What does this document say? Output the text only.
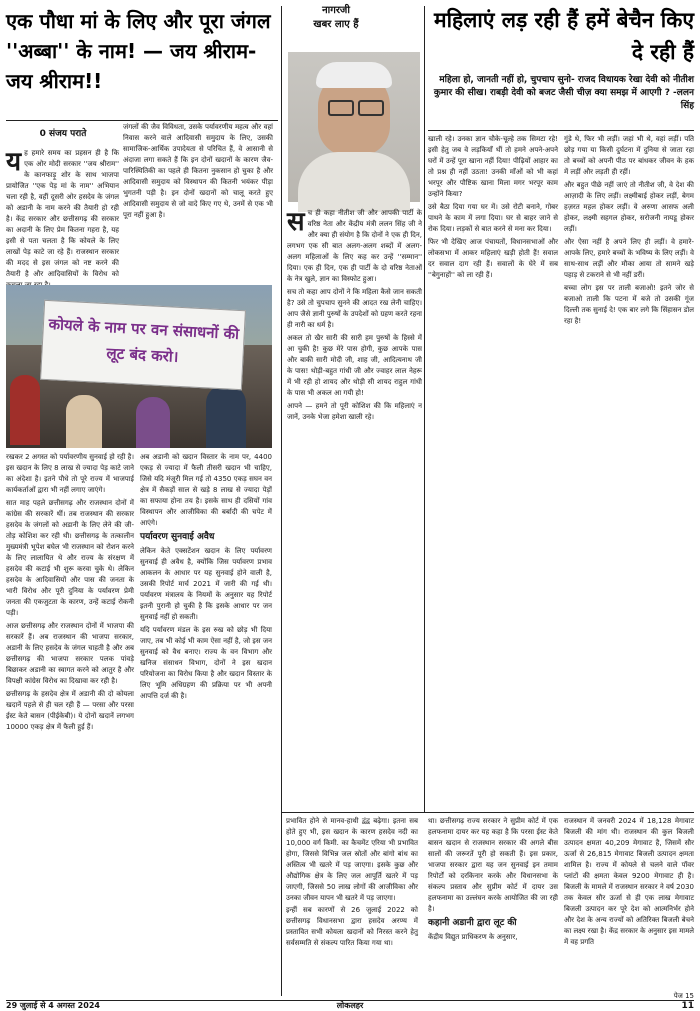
एक पौधा मां के लिए और पूरा जंगल ''अब्बा'' के नाम! — जय श्रीराम-जय श्रीराम!!
0 संजय पराते
य ह हमारे समय का प्रहसन ही है कि एक ओर मोदी सरकार ''जय श्रीराम'' के कानफाड़ू शोर के साथ भाजपा प्रायोजित ''एक पेड़ मां के नाम'' अभियान चला रही है, वहीं दूसरी ओर हसदेव के जंगल को अडानी के नाम करने की तैयारी हो रही है। केंद्र सरकार और छत्तीसगढ़ की सरकार का अदानी के लिए प्रेम कितना गहरा है, यह इसी से पता चलता है कि कोयले के लिए लाखों पेड़ काटे जा रहे हैं। राजस्थान सरकार की मदद से इस जंगल को नष्ट करने की तैयारी है और आदिवासियों के विरोध को
कोयले के नाम पर वन संसाधनों की लूट बंद करो।

रखकर 2 अगस्त को पर्यावरणीय सुनवाई हो रही है। इस खदान के लिए 8 लाख से ज्यादा पेड़ काटे जाने का अंदेशा है। इतने पौधे तो पूरे राज्य में भाजपाई कार्यकर्ताओं द्वारा भी नहीं लगाए जाएंगे।

सात माह पहले छत्तीसगढ़ और राजस्थान दोनों में कांग्रेस की सरकारें थीं। तब राजस्थान की सरकार हसदेव के जंगलों को अडानी के लिए लेने की जी-तोड़ कोशिश कर रही थी। छत्तीसगढ़ के तत्कालीन मुख्यमंत्री भूपेश बघेल भी राजस्थान को रोशन करने के लिए लालायित थे और राज्य के संरक्षण में हसदेव की कटाई भी शुरू करवा चुके थे। लेकिन हसदेव के आदिवासियों और पास की जनता के भारी विरोध और पूरी दुनिया के पर्यावरण प्रेमी जनता की एकजुटता के कारण, उन्हें कटाई रोकनी पड़ी।

आज छत्तीसगढ़ और राजस्थान दोनों में भाजपा की सरकारें हैं। अब राजस्थान की भाजपा सरकार, अडानी के लिए हसदेव के जंगल चाहती है और अब छत्तीसगढ़ की भाजपा सरकार पलक पांवड़े बिछाकर अडानी का स्वागत करने को आतुर है और विपक्षी कांग्रेस विरोध का दिखावा कर रही है।

छत्तीसगढ़ के हसदेव क्षेत्र में अडानी की दो कोयला खदानें पहले से ही चल रही हैं — परसा और परसा ईस्ट केते बासन (पीईकेबी)। ये दोनों खदानें लगभग 10000 एकड़ क्षेत्र में फैली हुई हैं।

जंगलों की जैव विविधता, उसके पर्यावरणीय महत्व और वहां निवास करने वाले आदिवासी समुदाय के लिए, उसकी सामाजिक-आर्थिक उपादेयता से परिचित हैं, वे आसानी से अंदाजा लगा सकते हैं कि इन दोनों खदानों के कारण जैव-पारिस्थितिकी का पहले ही कितना नुकसान हो चुका है और आदिवासी समुदाय को विस्थापन की कितनी भयंकर पीड़ा भुगतनी पड़ी है। इन दोनों खदानों को चालू करते हुए आदिवासी समुदाय से जो वादे किए गए थे, उनमें से एक भी पूरा नहीं हुआ है।

अब अडानी को खदान विस्तार के नाम पर, 4400 एकड़ से ज्यादा में फैली तीसरी खदान भी चाहिए, जिसे यदि मंजूरी मिल गई तो 4350 एकड़ सघन वन क्षेत्र में सैकड़ों साल से खड़े 8 लाख से ज्यादा पेड़ों का सफाया होना तय है। इसके साथ ही दसियों गांव विस्थापन और आजीविका की बर्बादी की चपेट में आएंगे।

पर्यावरण सुनवाई अवैध

लेकिन केते एक्सटेंशन खदान के लिए पर्यावरण सुनवाई ही अवैध है, क्योंकि जिस पर्यावरण प्रभाव आकलन के आधार पर यह सुनवाई होने वाली है, उसकी रिपोर्ट मार्च 2021 में जारी की गई थी। पर्यावरण मंत्रालय के नियमों के अनुसार यह रिपोर्ट इतनी पुरानी हो चुकी है कि इसके आधार पर जन सुनवाई नहीं हो सकती।

यदि पर्यावरण मंडल के इस रुख को छोड़ भी दिया जाए, तब भी कोई भी काम ऐसा नहीं है, जो इस जन सुनवाई को वैध बनाए। राज्य के वन विभाग और खनिज संसाधन विभाग, दोनों ने इस खदान परियोजना का विरोध किया है और खदान विस्तार के लिए भूमि अधिग्रहण की प्रक्रिया पर भी अपनी आपत्ति दर्ज की है।

नागरजी
खबर लाए हैं
स च ही कहा नीतीश जी और आपकी पार्टी के वरिष्ठ नेता और केंद्रीय मंत्री ललन सिंह जी ने और क्या ही संयोग है कि दोनों ने एक ही दिन, लगभग एक सी बात अलग-अलग शब्दों में अलग-अलग महिलाओं के लिए कह कर उन्हें ''सम्मान'' दिया। एक ही दिन, एक ही पार्टी के दो वरिष्ठ नेताओं के नेत्र खुले, ज्ञान का विस्फोट हुआ।

सच तो कहा आप दोनों ने कि महिला कैसे जान सकती है? उसे तो चुपचाप सुनने की आदत रख लेनी चाहिए। आप जैसे ज्ञानी पुरुषों के उपदेशों को ग्रहण करते रहना ही नारी का धर्म है।

अकल तो खैर सारी की सारी हम पुरुषों के हिस्से में आ चुकी है! कुछ मेरे पास होगी, कुछ आपके पास और बाकी सारी मोदी जी, शाह जी, आदित्यनाथ जी के पास! थोड़ी-बहुत गांधी जी और ज्वाहर लाल नेहरू में भी रही हो शायद और थोड़ी सी शायद राहुल गांधी के पास भी अकल आ गयी हो!

आपने — हमने तो पूरी कोशिश की कि महिलाएं न जानें, उनके भेजा हमेशा खाली रहे।

महिलाएं लड़ रही हैं हमें बेचैन किए दे रही हैं
महिला हो, जानती नहीं हो, चुपचाप सुनो- राजद विधायक रेखा देवी को नीतीश कुमार की सीख। राबड़ी देवी को बजट जैसी चीज़ क्या समझ में आएगी ? -ललन सिंह

खाली रहे। उनका ज्ञान चौके-चूल्हे तक सिमटा रहे! इसी हेतु जब वे लड़कियाँ थीं तो हमने अपने-अपने घरों में उन्हें पूरा खाना नहीं दिया! पीढ़ियों आहार का तो प्रश्न ही नहीं उठता! उनकी माँओं को भी कहां भरपूर और पौष्टिक खाना मिला मगर भरपूर काम उन्होंने किया?

उसे बैठा दिया गया घर में। उसे रोटी बनाने, गोबर पाथने के काम में लगा दिया। घर से बाहर जाने से रोक दिया। लड़कों से बात करने से मना कर दिया।

फिर भी देखिए आज पंचायतों, विधानसभाओं और लोकसभा में आकर महिलाएं खड़ी होती हैं! सवाल दर सवाल दाग रही हैं। सवालों के घेरे में सब ''बेगुनाहों'' को ला रही हैं।

गुंडे थे, फिर भी लड़ीं। जहां भी थे, वहां लड़ीं। पति छोड़ गया या किसी दुर्घटना में दुनिया से जाता रहा तो बच्चों को अपनी पीठ पर बांधकर जीवन के हक में लड़ीं और लड़ती ही रहीं।

और बहुत पीछे नहीं जाएं तो नीतीश जी, वे देश की आज़ादी के लिए लड़ीं। लक्ष्मीबाई होकर लड़ीं, बेगम हज़रत महल होकर लड़ीं। वे अरुणा आसफ अली होकर, लक्ष्मी सहगल होकर, सरोजनी नायडू होकर लड़ीं।

और ऐसा नहीं है अपने लिए ही लड़ीं। वे हमारे-आपके लिए, हमारे बच्चों के भविष्य के लिए लड़ीं। वे साथ-साथ लड़ीं और मौका आया तो सामने खड़े पहाड़ से टकराने से भी नहीं डरीं।

बच्चा लोग इस पर ताली बजाओ! इतने जोर से बजाओ ताली कि पटना में बजे तो उसकी गूंज दिल्ली तक सुनाई दे! एक बार लगे कि सिंहासन डोल रहा है!

प्रभावित होने से मानव-हाथी द्वंद्व बढ़ेगा। इतना सब होते हुए भी, इस खदान के कारण हसदेव नदी का 10,000 वर्ग किमी. का कैचमेंट एरिया भी प्रभावित होगा, जिससे विभिन्न जल स्रोतों और बांगो बांध का अस्तित्व भी खतरे में पड़ जाएगा। इसके कुछ और औद्योगिक क्षेत्र के लिए जल आपूर्ति खतरे में पड़ जाएगी, जिससे 50 लाख लोगों की आजीविका और उनका जीवन यापन भी खतरे में पड़ जाएगा।

इन्हीं सब कारणों से 26 जुलाई 2022 को छत्तीसगढ़ विधानसभा द्वारा हसदेव अरण्य में प्रस्तावित सभी कोयला खदानों को निरस्त करने हेतु सर्वसम्मति से संकल्प पारित किया गया था।

था। छत्तीसगढ़ राज्य सरकार ने सुप्रीम कोर्ट में एक हलफनामा दायर कर यह कहा है कि परसा ईस्ट केते बासन खदान से राजस्थान सरकार की अगले बीस सालों की जरूरतें पूरी हो सकती हैं। इस प्रकार, भाजपा सरकार द्वारा यह जन सुनवाई इन तमाम रिपोर्टों को दरकिनार करके और विधानसभा के संकल्प प्रस्ताव और सुप्रीम कोर्ट में दायर उस हलफनामा का उल्लंघन करके आयोजित की जा रही है।

कहानी अडानी द्वारा लूट की

केंद्रीय विद्युत प्राधिकरण के अनुसार,

राजस्थान में जनवरी 2024 में 18,128 मेगावाट बिजली की मांग थी। राजस्थान की कुल बिजली उत्पादन क्षमता 40,209 मेगावाट है, जिसमें सौर ऊर्जा से 26,815 मेगावाट बिजली उत्पादन क्षमता शामिल है। राज्य में कोयले से चलने वाले पॉवर प्लांटों की क्षमता केवल 9200 मेगावाट ही है। बिजली के मामले में राजस्थान सरकार ने वर्ष 2030 तक केवल सौर ऊर्जा से ही एक लाख मेगावाट बिजली उत्पादन कर पूरे देश को आत्मनिर्भर होने और देश के अन्य राज्यों को अतिरिक्त बिजली बेचने का लक्ष्य रखा है। केंद्र सरकार के अनुसार इस मामले में वह प्रगति

पेज 15
29 जुलाई से 4 अगस्त 2024	लोकलहर	11
